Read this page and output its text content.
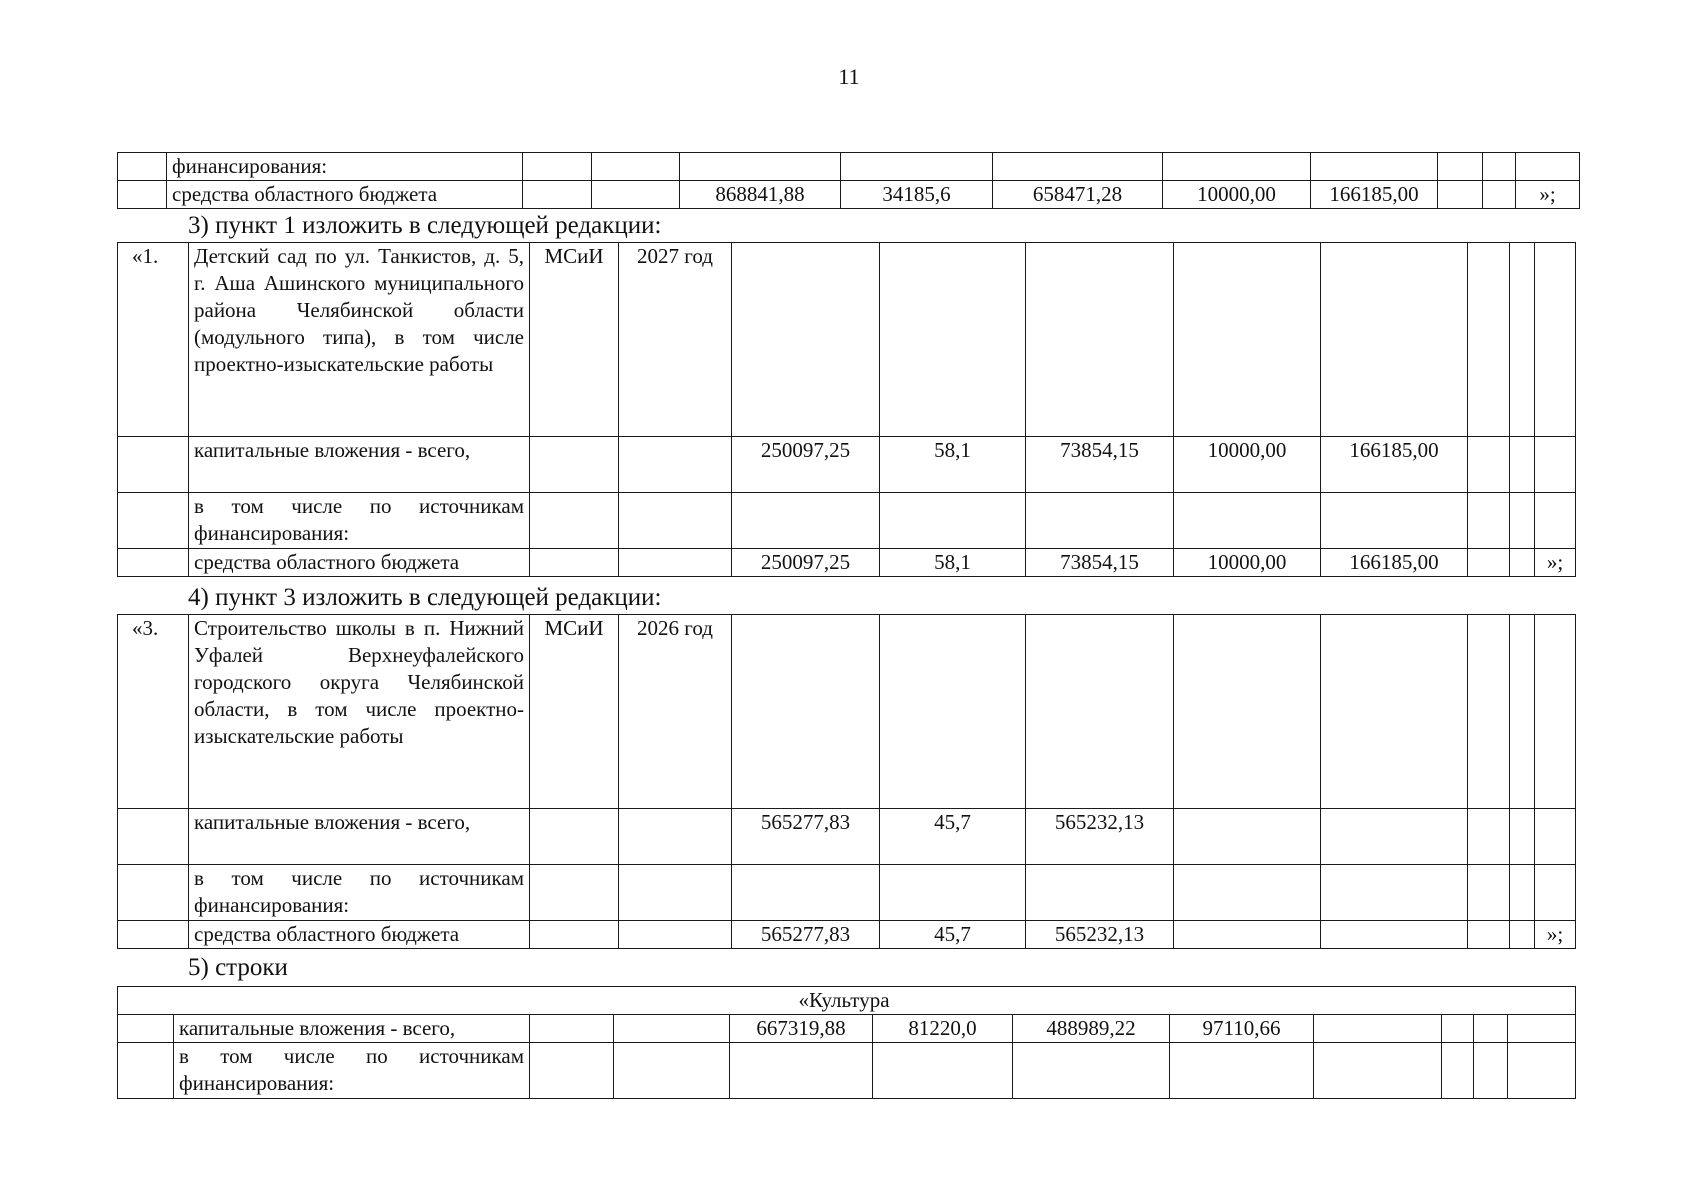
11
	финансирования:										
	средства областного бюджета			868841,88	34185,6	658471,28	10000,00	166185,00			»;
3) пункт 1 изложить в следующей редакции:
«1.	Детский сад по ул. Танкистов, д. 5, г. Аша Ашинского муниципального района Челябинской области (модульного типа), в том числе проектно-изыскательские работы	МСиИ	2027 год								
	капитальные вложения - всего,			250097,25	58,1	73854,15	10000,00	166185,00			
	в том числе по источникам финансирования:										
	средства областного бюджета			250097,25	58,1	73854,15	10000,00	166185,00			»;
4) пункт 3 изложить в следующей редакции:
«3.	Строительство школы в п. Нижний Уфалей Верхнеуфалейского городского округа Челябинской области, в том числе проектно-изыскательские работы	МСиИ	2026 год								
	капитальные вложения - всего,			565277,83	45,7	565232,13					
	в том числе по источникам финансирования:										
	средства областного бюджета			565277,83	45,7	565232,13					»;
5) строки
«Культура											
	капитальные вложения - всего,			667319,88	81220,0	488989,22	97110,66				
	в том числе по источникам финансирования:										
